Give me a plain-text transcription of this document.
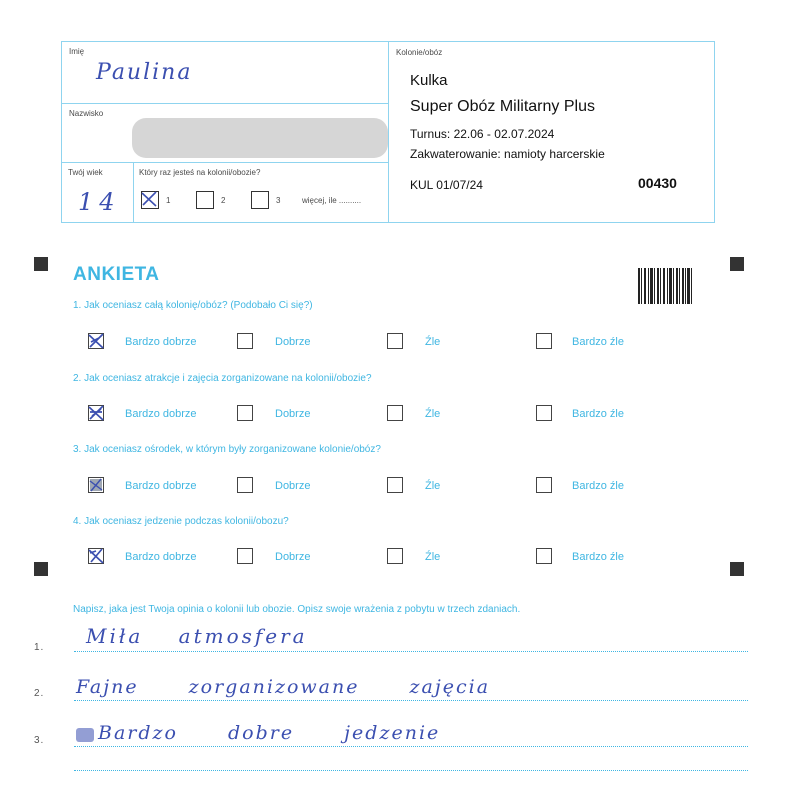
Imię
Paulina
Nazwisko
Twój wiek
14
Który raz jesteś na kolonii/obozie?
1	2	3	więcej, ile ..........
Kolonie/obóz
Kulka
Super Obóz Militarny Plus
Turnus: 22.06 - 02.07.2024
Zakwaterowanie: namioty harcerskie
KUL 01/07/24	00430
ANKIETA
1. Jak oceniasz całą kolonię/obóz? (Podobało Ci się?)
Bardzo dobrze	Dobrze	Źle	Bardzo źle
2. Jak oceniasz atrakcje i zajęcia zorganizowane na kolonii/obozie?
Bardzo dobrze	Dobrze	Źle	Bardzo źle
3. Jak oceniasz ośrodek, w którym były zorganizowane kolonie/obóz?
Bardzo dobrze	Dobrze	Źle	Bardzo źle
4. Jak oceniasz jedzenie podczas kolonii/obozu?
Bardzo dobrze	Dobrze	Źle	Bardzo źle
Napisz, jaka jest Twoja opinia o kolonii lub obozie. Opisz swoje wrażenia z pobytu w trzech zdaniach.
1. Miła atmosfera
2. Fajne zorganizowane zajęcia
3.	Bardzo dobre jedzenie
